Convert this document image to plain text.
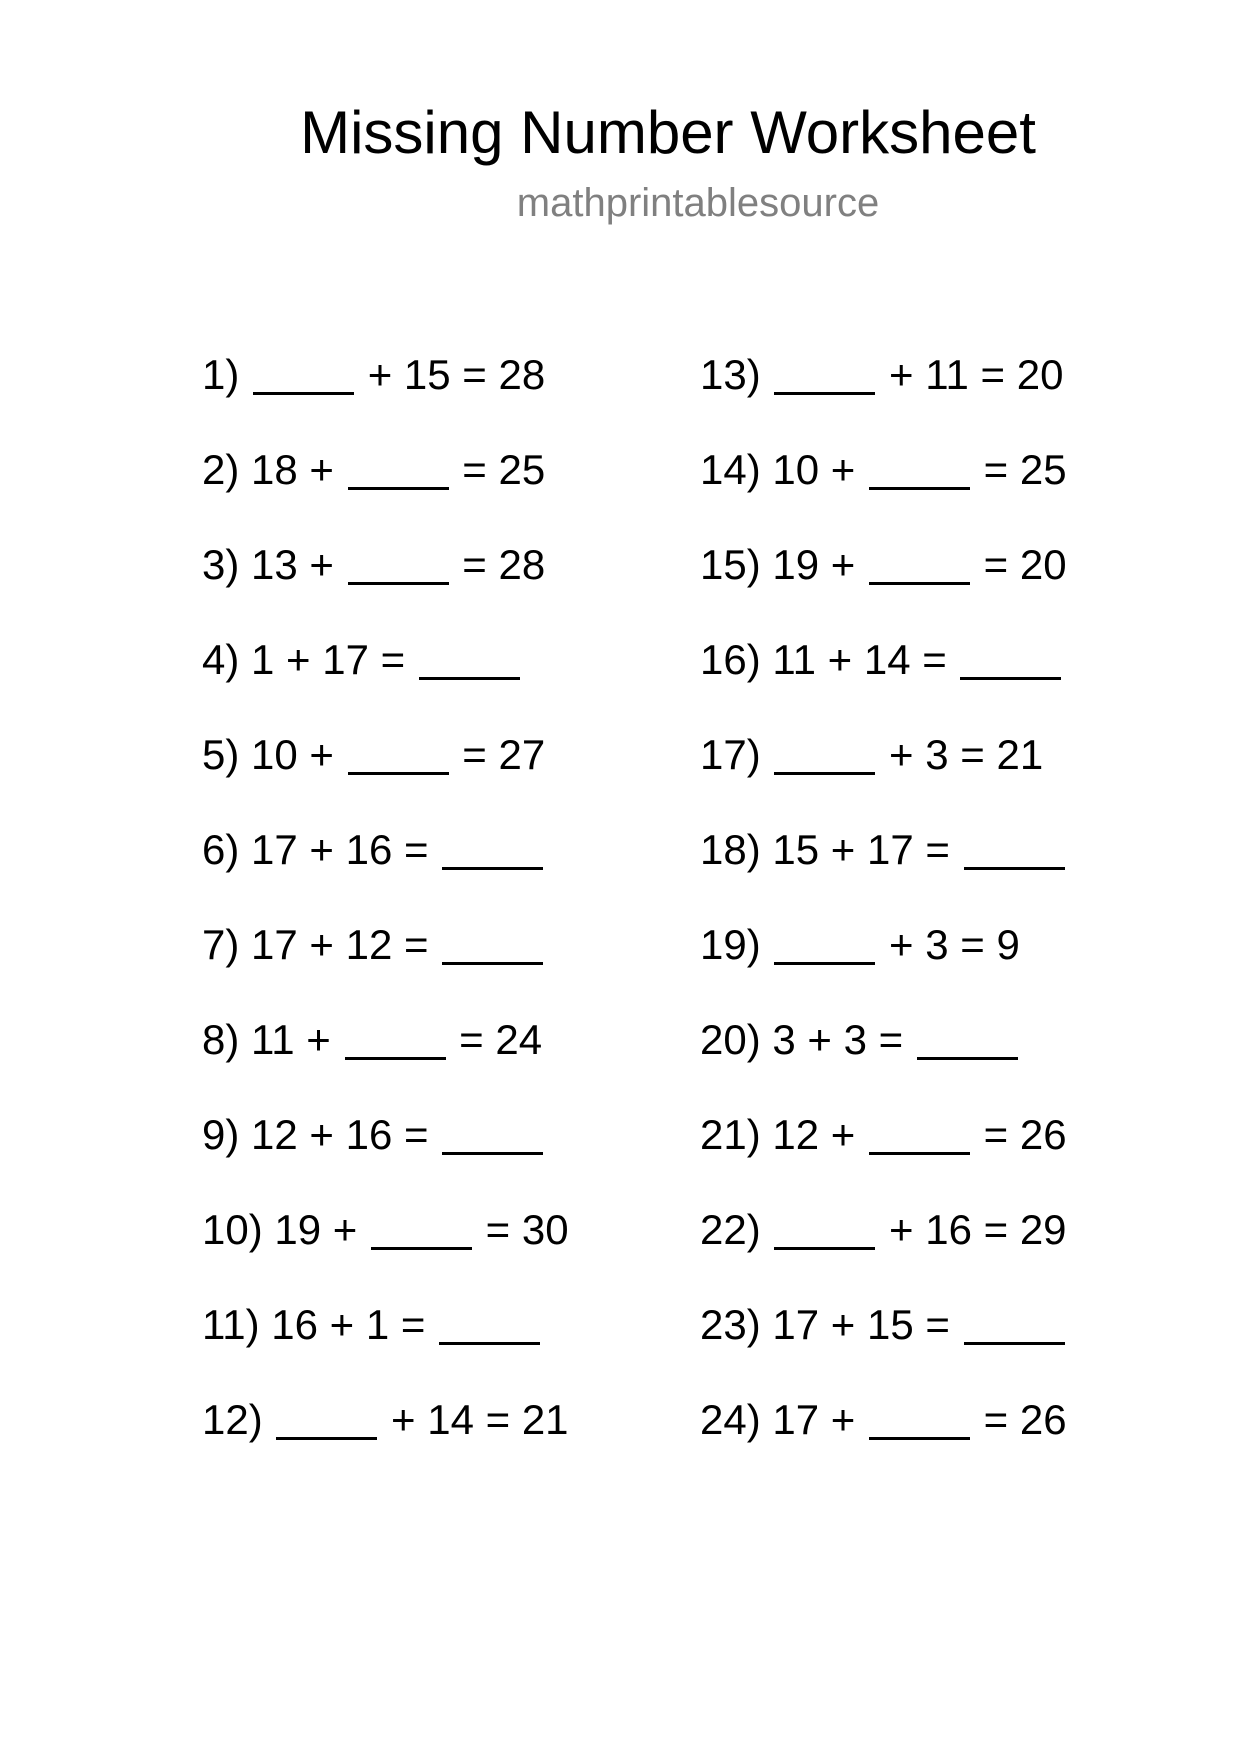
Missing Number Worksheet
mathprintablesource
1)	+ 15 = 28
2) 18 +	= 25
3) 13 +	= 28
4) 1 + 17 =
5) 10 +	= 27
6) 17 + 16 =
7) 17 + 12 =
8) 11 +	= 24
9) 12 + 16 =
10) 19 +	= 30
11) 16 + 1 =
12)	+ 14 = 21
13)	+ 11 = 20
14) 10 +	= 25
15) 19 +	= 20
16) 11 + 14 =
17)	+ 3 = 21
18) 15 + 17 =
19)	+ 3 = 9
20) 3 + 3 =
21) 12 +	= 26
22)	+ 16 = 29
23) 17 + 15 =
24) 17 +	= 26
